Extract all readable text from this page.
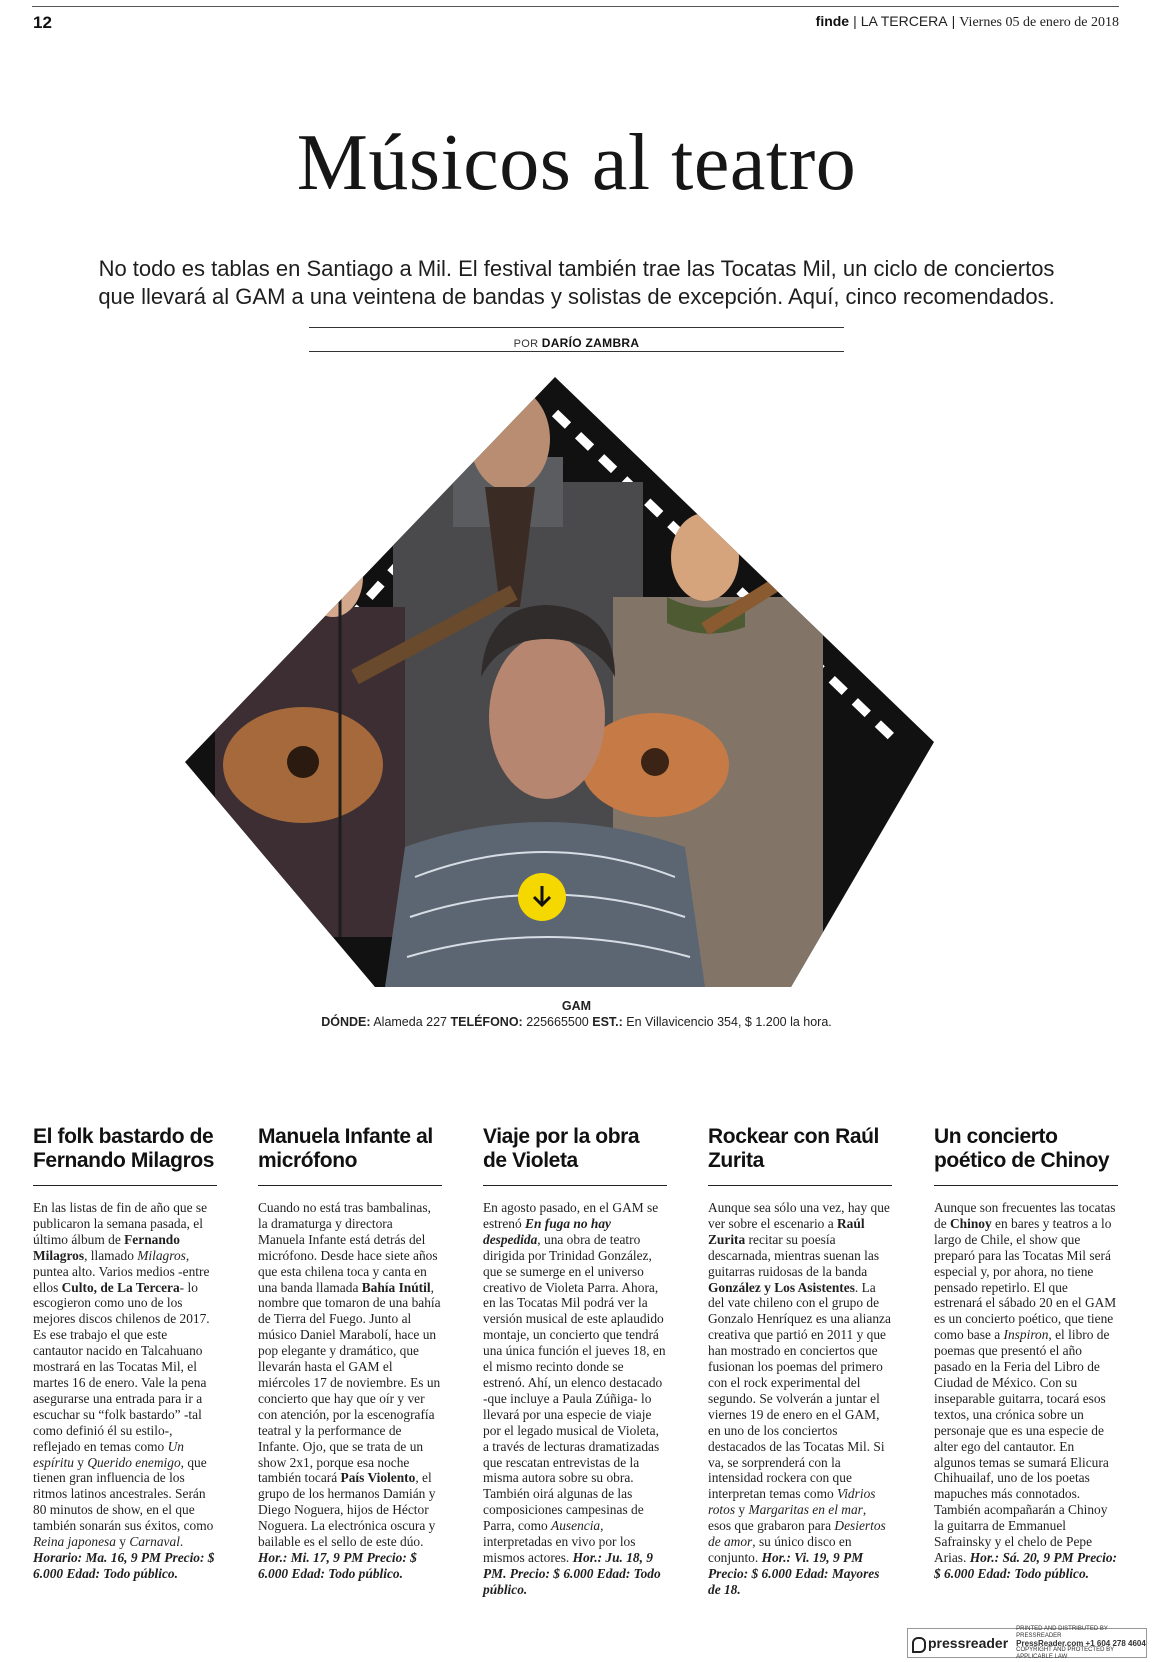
12	finde | LA TERCERA | Viernes 05 de enero de 2018
Músicos al teatro

No todo es tablas en Santiago a Mil. El festival también trae las Tocatas Mil, un ciclo de conciertos que llevará al GAM a una veintena de bandas y solistas de excepción. Aquí, cinco recomendados.

POR DARÍO ZAMBRA
GAM
DÓNDE: Alameda 227 TELÉFONO: 225665500 EST.: En Villavicencio 354, $ 1.200 la hora.
El folk bastardo de Fernando Milagros

En las listas de fin de año que se publicaron la semana pasada, el último álbum de Fernando Milagros, llamado Milagros, puntea alto. Varios medios -entre ellos Culto, de La Tercera- lo escogieron como uno de los mejores discos chilenos de 2017. Es ese trabajo el que este cantautor nacido en Talcahuano mostrará en las Tocatas Mil, el martes 16 de enero. Vale la pena asegurarse una entrada para ir a escuchar su “folk bastardo” -tal como definió él su estilo-, reflejado en temas como Un espíritu y Querido enemigo, que tienen gran influencia de los ritmos latinos ancestrales. Serán 80 minutos de show, en el que también sonarán sus éxitos, como Reina japonesa y Carnaval. Horario: Ma. 16, 9 PM Precio: $ 6.000 Edad: Todo público.

Manuela Infante al micrófono

Cuando no está tras bambalinas, la dramaturga y directora Manuela Infante está detrás del micrófono. Desde hace siete años que esta chilena toca y canta en una banda llamada Bahía Inútil, nombre que tomaron de una bahía de Tierra del Fuego. Junto al músico Daniel Marabolí, hace un pop elegante y dramático, que llevarán hasta el GAM el miércoles 17 de noviembre. Es un concierto que hay que oír y ver con atención, por la escenografía teatral y la performance de Infante. Ojo, que se trata de un show 2x1, porque esa noche también tocará País Violento, el grupo de los hermanos Damián y Diego Noguera, hijos de Héctor Noguera. La electrónica oscura y bailable es el sello de este dúo. Hor.: Mi. 17, 9 PM Precio: $ 6.000 Edad: Todo público.

Viaje por la obra de Violeta

En agosto pasado, en el GAM se estrenó En fuga no hay despedida, una obra de teatro dirigida por Trinidad González, que se sumerge en el universo creativo de Violeta Parra. Ahora, en las Tocatas Mil podrá ver la versión musical de este aplaudido montaje, un concierto que tendrá una única función el jueves 18, en el mismo recinto donde se estrenó. Ahí, un elenco destacado -que incluye a Paula Zúñiga- lo llevará por una especie de viaje por el legado musical de Violeta, a través de lecturas dramatizadas que rescatan entrevistas de la misma autora sobre su obra. También oirá algunas de las composiciones campesinas de Parra, como Ausencia, interpretadas en vivo por los mismos actores. Hor.: Ju. 18, 9 PM. Precio: $ 6.000 Edad: Todo público.

Rockear con Raúl Zurita

Aunque sea sólo una vez, hay que ver sobre el escenario a Raúl Zurita recitar su poesía descarnada, mientras suenan las guitarras ruidosas de la banda González y Los Asistentes. La del vate chileno con el grupo de Gonzalo Henríquez es una alianza creativa que partió en 2011 y que han mostrado en conciertos que fusionan los poemas del primero con el rock experimental del segundo. Se volverán a juntar el viernes 19 de enero en el GAM, en uno de los conciertos destacados de las Tocatas Mil. Si va, se sorprenderá con la intensidad rockera con que interpretan temas como Vidrios rotos y Margaritas en el mar, esos que grabaron para Desiertos de amor, su único disco en conjunto. Hor.: Vi. 19, 9 PM Precio: $ 6.000 Edad: Mayores de 18.

Un concierto poético de Chinoy

Aunque son frecuentes las tocatas de Chinoy en bares y teatros a lo largo de Chile, el show que preparó para las Tocatas Mil será especial y, por ahora, no tiene pensado repetirlo. El que estrenará el sábado 20 en el GAM es un concierto poético, que tiene como base a Inspiron, el libro de poemas que presentó el año pasado en la Feria del Libro de Ciudad de México. Con su inseparable guitarra, tocará esos textos, una crónica sobre un personaje que es una especie de alter ego del cantautor. En algunos temas se sumará Elicura Chihuailaf, uno de los poetas mapuches más connotados. También acompañarán a Chinoy la guitarra de Emmanuel Safrainsky y el chelo de Pepe Arias. Hor.: Sá. 20, 9 PM Precio: $ 6.000 Edad: Todo público.

pressreader
PRINTED AND DISTRIBUTED BY PRESSREADER
PressReader.com +1 604 278 4604
COPYRIGHT AND PROTECTED BY APPLICABLE LAW
